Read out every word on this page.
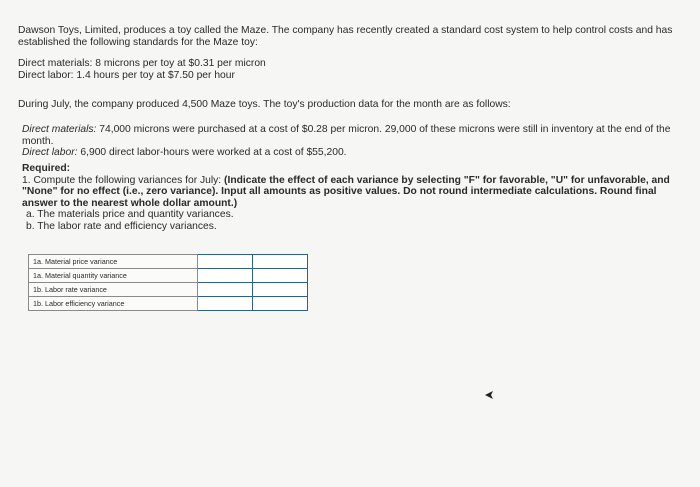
Dawson Toys, Limited, produces a toy called the Maze. The company has recently created a standard cost system to help control costs and has established the following standards for the Maze toy:

Direct materials: 8 microns per toy at $0.31 per micron
Direct labor: 1.4 hours per toy at $7.50 per hour

During July, the company produced 4,500 Maze toys. The toy's production data for the month are as follows:

Direct materials: 74,000 microns were purchased at a cost of $0.28 per micron. 29,000 of these microns were still in inventory at the end of the month.
Direct labor: 6,900 direct labor-hours were worked at a cost of $55,200.
Required:
1. Compute the following variances for July: (Indicate the effect of each variance by selecting "F" for favorable, "U" for unfavorable, and "None" for no effect (i.e., zero variance). Input all amounts as positive values. Do not round intermediate calculations. Round final answer to the nearest whole dollar amount.)
a. The materials price and quantity variances.
b. The labor rate and efficiency variances.
1a. Material price variance		
1a. Material quantity variance		
1b. Labor rate variance		
1b. Labor efficiency variance		
